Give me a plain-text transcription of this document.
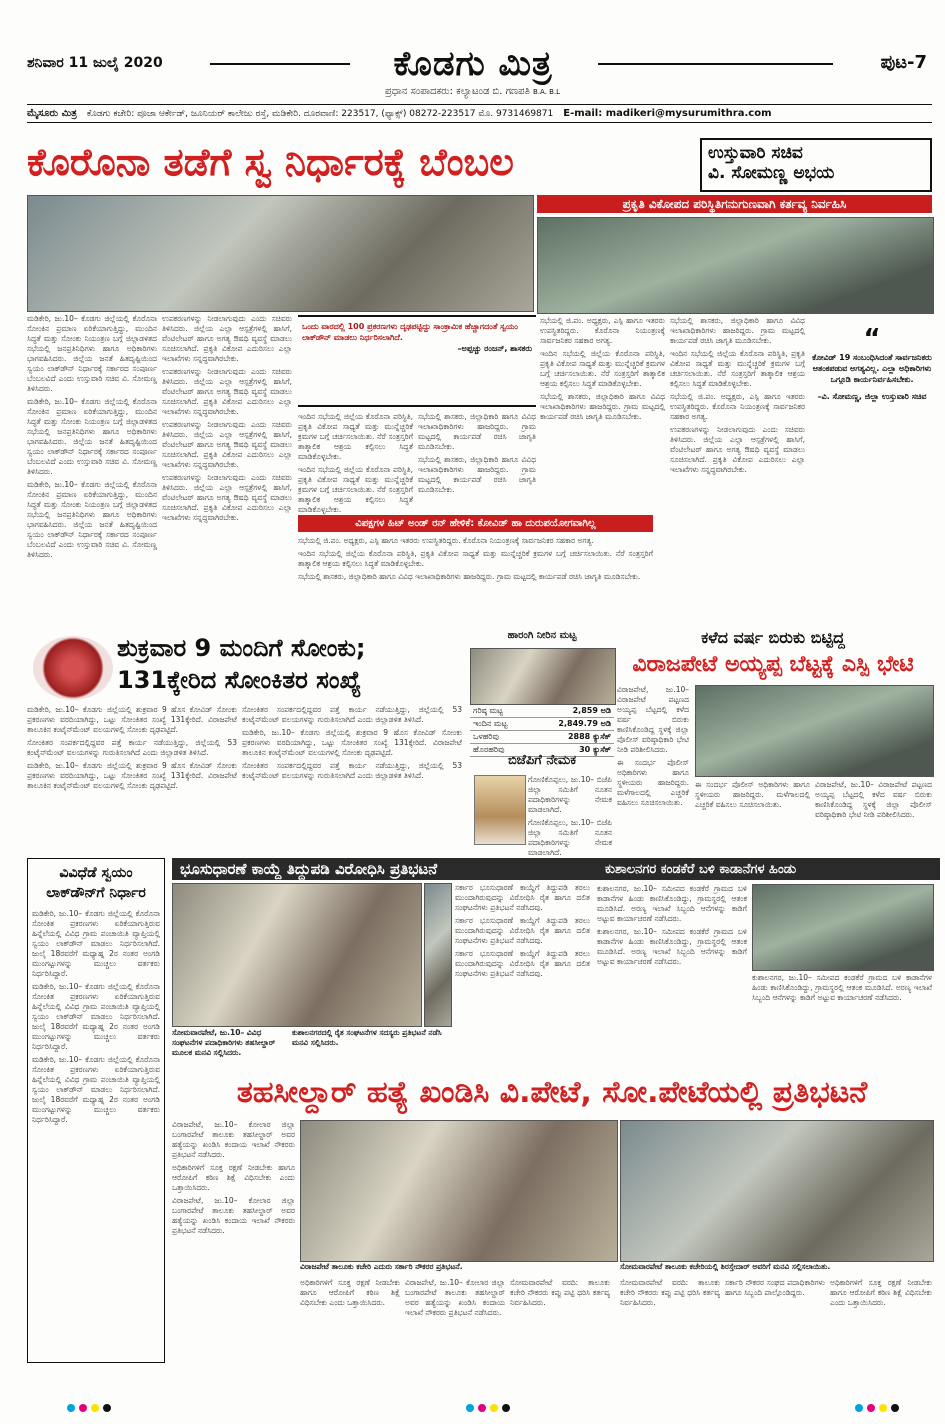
ಶನಿವಾರ 11 ಜುಲೈ 2020	ಕೊಡಗು ಮಿತ್ರ	ಪುಟ-7
ಪ್ರಧಾನ ಸಂಪಾದಕರು: ಕಲ್ಯಾಟಂಡ ಬಿ. ಗಣಪತಿ B.A. B.L
ಮೈಸೂರು ಮಿತ್ರ ಕೊಡಗು ಕಚೇರಿ: ಪೂಜಾ ಆರ್ಕೇಡ್, ಜೂನಿಯರ್ ಕಾಲೇಜು ರಸ್ತೆ, ಮಡಿಕೇರಿ. ದೂರವಾಣಿ: 223517, (ಫ್ಯಾಕ್ಸ್) 08272-223517 ಮೊ. 9731469871 E-mail: madikeri@mysurumithra.com
ಕೊರೊನಾ ತಡೆಗೆ ಸ್ವ ನಿರ್ಧಾರಕ್ಕೆ ಬೆಂಬಲ	ಉಸ್ತುವಾರಿ ಸಚಿವ
ವಿ. ಸೋಮಣ್ಣ ಅಭಯ
ಪ್ರಕೃತಿ ವಿಕೋಪದ ಪರಿಸ್ಥಿತಿಗನುಗುಣವಾಗಿ ಕರ್ತವ್ಯ ನಿರ್ವಹಿಸಿ

ಮಡಿಕೇರಿ, ಜು.10– ಕೊಡಗು ಜಿಲ್ಲೆಯಲ್ಲಿ ಕೊರೊನಾ ಸೋಂಕಿನ ಪ್ರಮಾಣ ಏರಿಕೆಯಾಗುತ್ತಿದ್ದು, ಮುಂದಿನ ಸಿದ್ಧತೆ ಮತ್ತು ಸೋಂಕು ನಿಯಂತ್ರಣ ಬಗ್ಗೆ ಜಿಲ್ಲಾಡಳಿತದ ಸಭೆಯಲ್ಲಿ ಜನಪ್ರತಿನಿಧಿಗಳು ಹಾಗೂ ಅಧಿಕಾರಿಗಳು ಭಾಗವಹಿಸಿದರು. ಜಿಲ್ಲೆಯ ಜನತೆ ಹಿತದೃಷ್ಟಿಯಿಂದ ಸ್ವಯಂ ಲಾಕ್‍ಡೌನ್ ನಿರ್ಧಾರಕ್ಕೆ ಸರ್ಕಾರದ ಸಂಪೂರ್ಣ ಬೆಂಬಲವಿದೆ ಎಂದು ಉಸ್ತುವಾರಿ ಸಚಿವ ವಿ. ಸೋಮಣ್ಣ ತಿಳಿಸಿದರು.

ಮಡಿಕೇರಿ, ಜು.10– ಕೊಡಗು ಜಿಲ್ಲೆಯಲ್ಲಿ ಕೊರೊನಾ ಸೋಂಕಿನ ಪ್ರಮಾಣ ಏರಿಕೆಯಾಗುತ್ತಿದ್ದು, ಮುಂದಿನ ಸಿದ್ಧತೆ ಮತ್ತು ಸೋಂಕು ನಿಯಂತ್ರಣ ಬಗ್ಗೆ ಜಿಲ್ಲಾಡಳಿತದ ಸಭೆಯಲ್ಲಿ ಜನಪ್ರತಿನಿಧಿಗಳು ಹಾಗೂ ಅಧಿಕಾರಿಗಳು ಭಾಗವಹಿಸಿದರು. ಜಿಲ್ಲೆಯ ಜನತೆ ಹಿತದೃಷ್ಟಿಯಿಂದ ಸ್ವಯಂ ಲಾಕ್‍ಡೌನ್ ನಿರ್ಧಾರಕ್ಕೆ ಸರ್ಕಾರದ ಸಂಪೂರ್ಣ ಬೆಂಬಲವಿದೆ ಎಂದು ಉಸ್ತುವಾರಿ ಸಚಿವ ವಿ. ಸೋಮಣ್ಣ ತಿಳಿಸಿದರು.

ಮಡಿಕೇರಿ, ಜು.10– ಕೊಡಗು ಜಿಲ್ಲೆಯಲ್ಲಿ ಕೊರೊನಾ ಸೋಂಕಿನ ಪ್ರಮಾಣ ಏರಿಕೆಯಾಗುತ್ತಿದ್ದು, ಮುಂದಿನ ಸಿದ್ಧತೆ ಮತ್ತು ಸೋಂಕು ನಿಯಂತ್ರಣ ಬಗ್ಗೆ ಜಿಲ್ಲಾಡಳಿತದ ಸಭೆಯಲ್ಲಿ ಜನಪ್ರತಿನಿಧಿಗಳು ಹಾಗೂ ಅಧಿಕಾರಿಗಳು ಭಾಗವಹಿಸಿದರು. ಜಿಲ್ಲೆಯ ಜನತೆ ಹಿತದೃಷ್ಟಿಯಿಂದ ಸ್ವಯಂ ಲಾಕ್‍ಡೌನ್ ನಿರ್ಧಾರಕ್ಕೆ ಸರ್ಕಾರದ ಸಂಪೂರ್ಣ ಬೆಂಬಲವಿದೆ ಎಂದು ಉಸ್ತುವಾರಿ ಸಚಿವ ವಿ. ಸೋಮಣ್ಣ ತಿಳಿಸಿದರು.

ಉಪಕರಣಗಳನ್ನು ನೀಡಲಾಗುವುದು ಎಂದು ಸಚಿವರು ತಿಳಿಸಿದರು. ಜಿಲ್ಲೆಯ ಎಲ್ಲಾ ಆಸ್ಪತ್ರೆಗಳಲ್ಲಿ ಹಾಸಿಗೆ, ವೆಂಟಿಲೇಟರ್ ಹಾಗೂ ಅಗತ್ಯ ಔಷಧಿ ವ್ಯವಸ್ಥೆ ಮಾಡಲು ಸೂಚಿಸಲಾಗಿದೆ. ಪ್ರಕೃತಿ ವಿಕೋಪ ಎದುರಿಸಲು ಎಲ್ಲಾ ಇಲಾಖೆಗಳು ಸನ್ನದ್ಧವಾಗಿರಬೇಕು.

ಉಪಕರಣಗಳನ್ನು ನೀಡಲಾಗುವುದು ಎಂದು ಸಚಿವರು ತಿಳಿಸಿದರು. ಜಿಲ್ಲೆಯ ಎಲ್ಲಾ ಆಸ್ಪತ್ರೆಗಳಲ್ಲಿ ಹಾಸಿಗೆ, ವೆಂಟಿಲೇಟರ್ ಹಾಗೂ ಅಗತ್ಯ ಔಷಧಿ ವ್ಯವಸ್ಥೆ ಮಾಡಲು ಸೂಚಿಸಲಾಗಿದೆ. ಪ್ರಕೃತಿ ವಿಕೋಪ ಎದುರಿಸಲು ಎಲ್ಲಾ ಇಲಾಖೆಗಳು ಸನ್ನದ್ಧವಾಗಿರಬೇಕು.

ಉಪಕರಣಗಳನ್ನು ನೀಡಲಾಗುವುದು ಎಂದು ಸಚಿವರು ತಿಳಿಸಿದರು. ಜಿಲ್ಲೆಯ ಎಲ್ಲಾ ಆಸ್ಪತ್ರೆಗಳಲ್ಲಿ ಹಾಸಿಗೆ, ವೆಂಟಿಲೇಟರ್ ಹಾಗೂ ಅಗತ್ಯ ಔಷಧಿ ವ್ಯವಸ್ಥೆ ಮಾಡಲು ಸೂಚಿಸಲಾಗಿದೆ. ಪ್ರಕೃತಿ ವಿಕೋಪ ಎದುರಿಸಲು ಎಲ್ಲಾ ಇಲಾಖೆಗಳು ಸನ್ನದ್ಧವಾಗಿರಬೇಕು.

ಉಪಕರಣಗಳನ್ನು ನೀಡಲಾಗುವುದು ಎಂದು ಸಚಿವರು ತಿಳಿಸಿದರು. ಜಿಲ್ಲೆಯ ಎಲ್ಲಾ ಆಸ್ಪತ್ರೆಗಳಲ್ಲಿ ಹಾಸಿಗೆ, ವೆಂಟಿಲೇಟರ್ ಹಾಗೂ ಅಗತ್ಯ ಔಷಧಿ ವ್ಯವಸ್ಥೆ ಮಾಡಲು ಸೂಚಿಸಲಾಗಿದೆ. ಪ್ರಕೃತಿ ವಿಕೋಪ ಎದುರಿಸಲು ಎಲ್ಲಾ ಇಲಾಖೆಗಳು ಸನ್ನದ್ಧವಾಗಿರಬೇಕು.

ಒಂದು ವಾರದಲ್ಲಿ 100 ಪ್ರಕರಣಗಳು ದೃಢಪಟ್ಟಿದ್ದು ಸಾಂಕ್ರಾಮಿಕ ಹೆಚ್ಚಾಗದಂತೆ ಸ್ವಯಂ ಲಾಕ್‍ಡೌನ್ ಮಾಡಲು ನಿರ್ಧರಿಸಲಾಗಿದೆ.
–ಅಪ್ಪಚ್ಚು ರಂಜನ್, ಶಾಸಕರು

ಇಂದಿನ ಸಭೆಯಲ್ಲಿ ಜಿಲ್ಲೆಯ ಕೊರೊನಾ ಪರಿಸ್ಥಿತಿ, ಪ್ರಕೃತಿ ವಿಕೋಪ ಸಾಧ್ಯತೆ ಮತ್ತು ಮುನ್ನೆಚ್ಚರಿಕೆ ಕ್ರಮಗಳ ಬಗ್ಗೆ ಚರ್ಚಿಸಲಾಯಿತು. ನೆರೆ ಸಂತ್ರಸ್ತರಿಗೆ ತಾತ್ಕಾಲಿಕ ಆಶ್ರಯ ಕಲ್ಪಿಸಲು ಸಿದ್ಧತೆ ಮಾಡಿಕೊಳ್ಳಬೇಕು.

ಇಂದಿನ ಸಭೆಯಲ್ಲಿ ಜಿಲ್ಲೆಯ ಕೊರೊನಾ ಪರಿಸ್ಥಿತಿ, ಪ್ರಕೃತಿ ವಿಕೋಪ ಸಾಧ್ಯತೆ ಮತ್ತು ಮುನ್ನೆಚ್ಚರಿಕೆ ಕ್ರಮಗಳ ಬಗ್ಗೆ ಚರ್ಚಿಸಲಾಯಿತು. ನೆರೆ ಸಂತ್ರಸ್ತರಿಗೆ ತಾತ್ಕಾಲಿಕ ಆಶ್ರಯ ಕಲ್ಪಿಸಲು ಸಿದ್ಧತೆ ಮಾಡಿಕೊಳ್ಳಬೇಕು.

ಸಭೆಯಲ್ಲಿ ಶಾಸಕರು, ಜಿಲ್ಲಾಧಿಕಾರಿ ಹಾಗೂ ವಿವಿಧ ಇಲಾಖಾಧಿಕಾರಿಗಳು ಹಾಜರಿದ್ದರು. ಗ್ರಾಮ ಮಟ್ಟದಲ್ಲಿ ಕಾರ್ಯಪಡೆ ರಚಿಸಿ ಜಾಗೃತಿ ಮೂಡಿಸಬೇಕು.

ಸಭೆಯಲ್ಲಿ ಶಾಸಕರು, ಜಿಲ್ಲಾಧಿಕಾರಿ ಹಾಗೂ ವಿವಿಧ ಇಲಾಖಾಧಿಕಾರಿಗಳು ಹಾಜರಿದ್ದರು. ಗ್ರಾಮ ಮಟ್ಟದಲ್ಲಿ ಕಾರ್ಯಪಡೆ ರಚಿಸಿ ಜಾಗೃತಿ ಮೂಡಿಸಬೇಕು.

ವಿಪಕ್ಷಗಳ ಹಿಟ್ ಅಂಡ್ ರನ್ ಹೇಳಿಕೆ: ಕೋವಿಡ್ ಹಾ ದುರುಪಯೋಗವಾಗಿಲ್ಲ

ಸಭೆಯಲ್ಲಿ ಜಿ.ಪಂ. ಅಧ್ಯಕ್ಷರು, ಎಸ್ಪಿ ಹಾಗೂ ಇತರರು ಉಪಸ್ಥಿತರಿದ್ದರು. ಕೊರೊನಾ ನಿಯಂತ್ರಣಕ್ಕೆ ಸಾರ್ವಜನಿಕರ ಸಹಕಾರ ಅಗತ್ಯ.

ಇಂದಿನ ಸಭೆಯಲ್ಲಿ ಜಿಲ್ಲೆಯ ಕೊರೊನಾ ಪರಿಸ್ಥಿತಿ, ಪ್ರಕೃತಿ ವಿಕೋಪ ಸಾಧ್ಯತೆ ಮತ್ತು ಮುನ್ನೆಚ್ಚರಿಕೆ ಕ್ರಮಗಳ ಬಗ್ಗೆ ಚರ್ಚಿಸಲಾಯಿತು. ನೆರೆ ಸಂತ್ರಸ್ತರಿಗೆ ತಾತ್ಕಾಲಿಕ ಆಶ್ರಯ ಕಲ್ಪಿಸಲು ಸಿದ್ಧತೆ ಮಾಡಿಕೊಳ್ಳಬೇಕು.

ಸಭೆಯಲ್ಲಿ ಶಾಸಕರು, ಜಿಲ್ಲಾಧಿಕಾರಿ ಹಾಗೂ ವಿವಿಧ ಇಲಾಖಾಧಿಕಾರಿಗಳು ಹಾಜರಿದ್ದರು. ಗ್ರಾಮ ಮಟ್ಟದಲ್ಲಿ ಕಾರ್ಯಪಡೆ ರಚಿಸಿ ಜಾಗೃತಿ ಮೂಡಿಸಬೇಕು.

ಸಭೆಯಲ್ಲಿ ಜಿ.ಪಂ. ಅಧ್ಯಕ್ಷರು, ಎಸ್ಪಿ ಹಾಗೂ ಇತರರು ಉಪಸ್ಥಿತರಿದ್ದರು. ಕೊರೊನಾ ನಿಯಂತ್ರಣಕ್ಕೆ ಸಾರ್ವಜನಿಕರ ಸಹಕಾರ ಅಗತ್ಯ.

ಇಂದಿನ ಸಭೆಯಲ್ಲಿ ಜಿಲ್ಲೆಯ ಕೊರೊನಾ ಪರಿಸ್ಥಿತಿ, ಪ್ರಕೃತಿ ವಿಕೋಪ ಸಾಧ್ಯತೆ ಮತ್ತು ಮುನ್ನೆಚ್ಚರಿಕೆ ಕ್ರಮಗಳ ಬಗ್ಗೆ ಚರ್ಚಿಸಲಾಯಿತು. ನೆರೆ ಸಂತ್ರಸ್ತರಿಗೆ ತಾತ್ಕಾಲಿಕ ಆಶ್ರಯ ಕಲ್ಪಿಸಲು ಸಿದ್ಧತೆ ಮಾಡಿಕೊಳ್ಳಬೇಕು.

ಸಭೆಯಲ್ಲಿ ಶಾಸಕರು, ಜಿಲ್ಲಾಧಿಕಾರಿ ಹಾಗೂ ವಿವಿಧ ಇಲಾಖಾಧಿಕಾರಿಗಳು ಹಾಜರಿದ್ದರು. ಗ್ರಾಮ ಮಟ್ಟದಲ್ಲಿ ಕಾರ್ಯಪಡೆ ರಚಿಸಿ ಜಾಗೃತಿ ಮೂಡಿಸಬೇಕು.

ಸಭೆಯಲ್ಲಿ ಶಾಸಕರು, ಜಿಲ್ಲಾಧಿಕಾರಿ ಹಾಗೂ ವಿವಿಧ ಇಲಾಖಾಧಿಕಾರಿಗಳು ಹಾಜರಿದ್ದರು. ಗ್ರಾಮ ಮಟ್ಟದಲ್ಲಿ ಕಾರ್ಯಪಡೆ ರಚಿಸಿ ಜಾಗೃತಿ ಮೂಡಿಸಬೇಕು.

ಇಂದಿನ ಸಭೆಯಲ್ಲಿ ಜಿಲ್ಲೆಯ ಕೊರೊನಾ ಪರಿಸ್ಥಿತಿ, ಪ್ರಕೃತಿ ವಿಕೋಪ ಸಾಧ್ಯತೆ ಮತ್ತು ಮುನ್ನೆಚ್ಚರಿಕೆ ಕ್ರಮಗಳ ಬಗ್ಗೆ ಚರ್ಚಿಸಲಾಯಿತು. ನೆರೆ ಸಂತ್ರಸ್ತರಿಗೆ ತಾತ್ಕಾಲಿಕ ಆಶ್ರಯ ಕಲ್ಪಿಸಲು ಸಿದ್ಧತೆ ಮಾಡಿಕೊಳ್ಳಬೇಕು.

ಸಭೆಯಲ್ಲಿ ಜಿ.ಪಂ. ಅಧ್ಯಕ್ಷರು, ಎಸ್ಪಿ ಹಾಗೂ ಇತರರು ಉಪಸ್ಥಿತರಿದ್ದರು. ಕೊರೊನಾ ನಿಯಂತ್ರಣಕ್ಕೆ ಸಾರ್ವಜನಿಕರ ಸಹಕಾರ ಅಗತ್ಯ.

ಉಪಕರಣಗಳನ್ನು ನೀಡಲಾಗುವುದು ಎಂದು ಸಚಿವರು ತಿಳಿಸಿದರು. ಜಿಲ್ಲೆಯ ಎಲ್ಲಾ ಆಸ್ಪತ್ರೆಗಳಲ್ಲಿ ಹಾಸಿಗೆ, ವೆಂಟಿಲೇಟರ್ ಹಾಗೂ ಅಗತ್ಯ ಔಷಧಿ ವ್ಯವಸ್ಥೆ ಮಾಡಲು ಸೂಚಿಸಲಾಗಿದೆ. ಪ್ರಕೃತಿ ವಿಕೋಪ ಎದುರಿಸಲು ಎಲ್ಲಾ ಇಲಾಖೆಗಳು ಸನ್ನದ್ಧವಾಗಿರಬೇಕು.

“
ಕೋವಿಡ್ 19 ಸಂಬಂಧಿಸಿದಂತೆ ಸಾರ್ವಜನಿಕರು ಆತಂಕಪಡುವ ಅಗತ್ಯವಿಲ್ಲ. ಎಲ್ಲಾ ಅಧಿಕಾರಿಗಳು ಒಗ್ಗೂಡಿ ಕಾರ್ಯನಿರ್ವಹಿಸಬೇಕು.
–ವಿ. ಸೋಮಣ್ಣ, ಜಿಲ್ಲಾ ಉಸ್ತುವಾರಿ ಸಚಿವ
ಶುಕ್ರವಾರ 9 ಮಂದಿಗೆ ಸೋಂಕು;
131ಕ್ಕೇರಿದ ಸೋಂಕಿತರ ಸಂಖ್ಯೆ

ಮಡಿಕೇರಿ, ಜು.10– ಕೊಡಗು ಜಿಲ್ಲೆಯಲ್ಲಿ ಶುಕ್ರವಾರ 9 ಹೊಸ ಕೋವಿಡ್ ಸೋಂಕು ಪ್ರಕರಣಗಳು ವರದಿಯಾಗಿದ್ದು, ಒಟ್ಟು ಸೋಂಕಿತರ ಸಂಖ್ಯೆ 131ಕ್ಕೇರಿದೆ. ವಿರಾಜಪೇಟೆ ತಾಲೂಕಿನ ಕಂಟೈನ್‍ಮೆಂಟ್ ವಲಯಗಳಲ್ಲಿ ಸೋಂಕು ದೃಢಪಟ್ಟಿದೆ.

ಸೋಂಕಿತರ ಸಂಪರ್ಕದಲ್ಲಿದ್ದವರ ಪತ್ತೆ ಕಾರ್ಯ ನಡೆಯುತ್ತಿದ್ದು, ಜಿಲ್ಲೆಯಲ್ಲಿ 53 ಕಂಟೈನ್‍ಮೆಂಟ್ ವಲಯಗಳನ್ನು ಗುರುತಿಸಲಾಗಿದೆ ಎಂದು ಜಿಲ್ಲಾಡಳಿತ ತಿಳಿಸಿದೆ.

ಮಡಿಕೇರಿ, ಜು.10– ಕೊಡಗು ಜಿಲ್ಲೆಯಲ್ಲಿ ಶುಕ್ರವಾರ 9 ಹೊಸ ಕೋವಿಡ್ ಸೋಂಕು ಪ್ರಕರಣಗಳು ವರದಿಯಾಗಿದ್ದು, ಒಟ್ಟು ಸೋಂಕಿತರ ಸಂಖ್ಯೆ 131ಕ್ಕೇರಿದೆ. ವಿರಾಜಪೇಟೆ ತಾಲೂಕಿನ ಕಂಟೈನ್‍ಮೆಂಟ್ ವಲಯಗಳಲ್ಲಿ ಸೋಂಕು ದೃಢಪಟ್ಟಿದೆ.

ಸೋಂಕಿತರ ಸಂಪರ್ಕದಲ್ಲಿದ್ದವರ ಪತ್ತೆ ಕಾರ್ಯ ನಡೆಯುತ್ತಿದ್ದು, ಜಿಲ್ಲೆಯಲ್ಲಿ 53 ಕಂಟೈನ್‍ಮೆಂಟ್ ವಲಯಗಳನ್ನು ಗುರುತಿಸಲಾಗಿದೆ ಎಂದು ಜಿಲ್ಲಾಡಳಿತ ತಿಳಿಸಿದೆ.

ಮಡಿಕೇರಿ, ಜು.10– ಕೊಡಗು ಜಿಲ್ಲೆಯಲ್ಲಿ ಶುಕ್ರವಾರ 9 ಹೊಸ ಕೋವಿಡ್ ಸೋಂಕು ಪ್ರಕರಣಗಳು ವರದಿಯಾಗಿದ್ದು, ಒಟ್ಟು ಸೋಂಕಿತರ ಸಂಖ್ಯೆ 131ಕ್ಕೇರಿದೆ. ವಿರಾಜಪೇಟೆ ತಾಲೂಕಿನ ಕಂಟೈನ್‍ಮೆಂಟ್ ವಲಯಗಳಲ್ಲಿ ಸೋಂಕು ದೃಢಪಟ್ಟಿದೆ.

ಸೋಂಕಿತರ ಸಂಪರ್ಕದಲ್ಲಿದ್ದವರ ಪತ್ತೆ ಕಾರ್ಯ ನಡೆಯುತ್ತಿದ್ದು, ಜಿಲ್ಲೆಯಲ್ಲಿ 53 ಕಂಟೈನ್‍ಮೆಂಟ್ ವಲಯಗಳನ್ನು ಗುರುತಿಸಲಾಗಿದೆ ಎಂದು ಜಿಲ್ಲಾಡಳಿತ ತಿಳಿಸಿದೆ.

ಹಾರಂಗಿ ನೀರಿನ ಮಟ್ಟ
ಗರಿಷ್ಠ ಮಟ್ಟ	2,859 ಅಡಿ
ಇಂದಿನ ಮಟ್ಟ	2,849.79 ಅಡಿ
ಒಳಹರಿವು	2888 ಕ್ಯುಸೆಕ್
ಹೊರಹರಿವು	30 ಕ್ಯುಸೆಕ್
ಬಿಜೆಪಿಗೆ ನೇಮಕ

ಗೋಣಿಕೊಪ್ಪಲು, ಜು.10– ಬಿಜೆಪಿ ಜಿಲ್ಲಾ ಸಮಿತಿಗೆ ನೂತನ ಪದಾಧಿಕಾರಿಗಳನ್ನು ನೇಮಕ ಮಾಡಲಾಗಿದೆ.

ಗೋಣಿಕೊಪ್ಪಲು, ಜು.10– ಬಿಜೆಪಿ ಜಿಲ್ಲಾ ಸಮಿತಿಗೆ ನೂತನ ಪದಾಧಿಕಾರಿಗಳನ್ನು ನೇಮಕ ಮಾಡಲಾಗಿದೆ.

ಕಳೆದ ವರ್ಷ ಬಿರುಕು ಬಿಟ್ಟಿದ್ದ
ವಿರಾಜಪೇಟೆ ಅಯ್ಯಪ್ಪ ಬೆಟ್ಟಕ್ಕೆ ಎಸ್ಪಿ ಭೇಟಿ

ವಿರಾಜಪೇಟೆ, ಜು.10– ವಿರಾಜಪೇಟೆ ಪಟ್ಟಣದ ಅಯ್ಯಪ್ಪ ಬೆಟ್ಟದಲ್ಲಿ ಕಳೆದ ವರ್ಷ ಬಿರುಕು ಕಾಣಿಸಿಕೊಂಡಿದ್ದ ಸ್ಥಳಕ್ಕೆ ಜಿಲ್ಲಾ ಪೊಲೀಸ್ ವರಿಷ್ಠಾಧಿಕಾರಿ ಭೇಟಿ ನೀಡಿ ಪರಿಶೀಲಿಸಿದರು.

ಈ ಸಂದರ್ಭ ಪೊಲೀಸ್ ಅಧಿಕಾರಿಗಳು ಹಾಗೂ ಸ್ಥಳೀಯರು ಹಾಜರಿದ್ದರು. ಮಳೆಗಾಲದಲ್ಲಿ ಎಚ್ಚರಿಕೆ ವಹಿಸಲು ಸೂಚಿಸಲಾಯಿತು.

ಈ ಸಂದರ್ಭ ಪೊಲೀಸ್ ಅಧಿಕಾರಿಗಳು ಹಾಗೂ ಸ್ಥಳೀಯರು ಹಾಜರಿದ್ದರು. ಮಳೆಗಾಲದಲ್ಲಿ ಎಚ್ಚರಿಕೆ ವಹಿಸಲು ಸೂಚಿಸಲಾಯಿತು.

ವಿರಾಜಪೇಟೆ, ಜು.10– ವಿರಾಜಪೇಟೆ ಪಟ್ಟಣದ ಅಯ್ಯಪ್ಪ ಬೆಟ್ಟದಲ್ಲಿ ಕಳೆದ ವರ್ಷ ಬಿರುಕು ಕಾಣಿಸಿಕೊಂಡಿದ್ದ ಸ್ಥಳಕ್ಕೆ ಜಿಲ್ಲಾ ಪೊಲೀಸ್ ವರಿಷ್ಠಾಧಿಕಾರಿ ಭೇಟಿ ನೀಡಿ ಪರಿಶೀಲಿಸಿದರು.

ವಿವಿಧೆಡೆ ಸ್ವಯಂ ಲಾಕ್‍ಡೌನ್‍ಗೆ ನಿರ್ಧಾರ

ಮಡಿಕೇರಿ, ಜು.10– ಕೊಡಗು ಜಿಲ್ಲೆಯಲ್ಲಿ ಕೊರೊನಾ ಸೋಂಕಿತ ಪ್ರಕರಣಗಳು ಏರಿಕೆಯಾಗುತ್ತಿರುವ ಹಿನ್ನೆಲೆಯಲ್ಲಿ ವಿವಿಧ ಗ್ರಾಮ ಪಂಚಾಯಿತಿ ವ್ಯಾಪ್ತಿಯಲ್ಲಿ ಸ್ವಯಂ ಲಾಕ್‍ಡೌನ್ ಮಾಡಲು ನಿರ್ಧರಿಸಲಾಗಿದೆ. ಜುಲೈ 18ರವರೆಗೆ ಮಧ್ಯಾಹ್ನ 2ರ ನಂತರ ಅಂಗಡಿ ಮುಂಗಟ್ಟುಗಳನ್ನು ಮುಚ್ಚಲು ವರ್ತಕರು ನಿರ್ಧರಿಸಿದ್ದಾರೆ.

ಮಡಿಕೇರಿ, ಜು.10– ಕೊಡಗು ಜಿಲ್ಲೆಯಲ್ಲಿ ಕೊರೊನಾ ಸೋಂಕಿತ ಪ್ರಕರಣಗಳು ಏರಿಕೆಯಾಗುತ್ತಿರುವ ಹಿನ್ನೆಲೆಯಲ್ಲಿ ವಿವಿಧ ಗ್ರಾಮ ಪಂಚಾಯಿತಿ ವ್ಯಾಪ್ತಿಯಲ್ಲಿ ಸ್ವಯಂ ಲಾಕ್‍ಡೌನ್ ಮಾಡಲು ನಿರ್ಧರಿಸಲಾಗಿದೆ. ಜುಲೈ 18ರವರೆಗೆ ಮಧ್ಯಾಹ್ನ 2ರ ನಂತರ ಅಂಗಡಿ ಮುಂಗಟ್ಟುಗಳನ್ನು ಮುಚ್ಚಲು ವರ್ತಕರು ನಿರ್ಧರಿಸಿದ್ದಾರೆ.

ಮಡಿಕೇರಿ, ಜು.10– ಕೊಡಗು ಜಿಲ್ಲೆಯಲ್ಲಿ ಕೊರೊನಾ ಸೋಂಕಿತ ಪ್ರಕರಣಗಳು ಏರಿಕೆಯಾಗುತ್ತಿರುವ ಹಿನ್ನೆಲೆಯಲ್ಲಿ ವಿವಿಧ ಗ್ರಾಮ ಪಂಚಾಯಿತಿ ವ್ಯಾಪ್ತಿಯಲ್ಲಿ ಸ್ವಯಂ ಲಾಕ್‍ಡೌನ್ ಮಾಡಲು ನಿರ್ಧರಿಸಲಾಗಿದೆ. ಜುಲೈ 18ರವರೆಗೆ ಮಧ್ಯಾಹ್ನ 2ರ ನಂತರ ಅಂಗಡಿ ಮುಂಗಟ್ಟುಗಳನ್ನು ಮುಚ್ಚಲು ವರ್ತಕರು ನಿರ್ಧರಿಸಿದ್ದಾರೆ.

ಭೂಸುಧಾರಣೆ ಕಾಯ್ದೆ ತಿದ್ದುಪಡಿ ವಿರೋಧಿಸಿ ಪ್ರತಿಭಟನೆ
ಸೋಮವಾರಪೇಟೆ, ಜು.10– ವಿವಿಧ ಸಂಘಟನೆಗಳ ಪದಾಧಿಕಾರಿಗಳು ತಹಸೀಲ್ದಾರ್ ಮೂಲಕ ಮನವಿ ಸಲ್ಲಿಸಿದರು.
ಕುಶಾಲನಗರದಲ್ಲಿ ರೈತ ಸಂಘಟನೆಗಳ ಸದಸ್ಯರು ಪ್ರತಿಭಟನೆ ನಡೆಸಿ ಮನವಿ ಸಲ್ಲಿಸಿದರು.

ಸರ್ಕಾರ ಭೂಸುಧಾರಣೆ ಕಾಯ್ದೆಗೆ ತಿದ್ದುಪಡಿ ತರಲು ಮುಂದಾಗಿರುವುದನ್ನು ವಿರೋಧಿಸಿ ರೈತ ಹಾಗೂ ದಲಿತ ಸಂಘಟನೆಗಳು ಪ್ರತಿಭಟನೆ ನಡೆಸಿದವು.

ಸರ್ಕಾರ ಭೂಸುಧಾರಣೆ ಕಾಯ್ದೆಗೆ ತಿದ್ದುಪಡಿ ತರಲು ಮುಂದಾಗಿರುವುದನ್ನು ವಿರೋಧಿಸಿ ರೈತ ಹಾಗೂ ದಲಿತ ಸಂಘಟನೆಗಳು ಪ್ರತಿಭಟನೆ ನಡೆಸಿದವು.

ಸರ್ಕಾರ ಭೂಸುಧಾರಣೆ ಕಾಯ್ದೆಗೆ ತಿದ್ದುಪಡಿ ತರಲು ಮುಂದಾಗಿರುವುದನ್ನು ವಿರೋಧಿಸಿ ರೈತ ಹಾಗೂ ದಲಿತ ಸಂಘಟನೆಗಳು ಪ್ರತಿಭಟನೆ ನಡೆಸಿದವು.

ಕುಶಾಲನಗರ ಕಂಡಕೆರೆ ಬಳಿ ಕಾಡಾನೆಗಳ ಹಿಂಡು

ಕುಶಾಲನಗರ, ಜು.10– ಸಮೀಪದ ಕಂಡಕೆರೆ ಗ್ರಾಮದ ಬಳಿ ಕಾಡಾನೆಗಳ ಹಿಂಡು ಕಾಣಿಸಿಕೊಂಡಿದ್ದು, ಗ್ರಾಮಸ್ಥರಲ್ಲಿ ಆತಂಕ ಮೂಡಿಸಿದೆ. ಅರಣ್ಯ ಇಲಾಖೆ ಸಿಬ್ಬಂದಿ ಆನೆಗಳನ್ನು ಕಾಡಿಗೆ ಅಟ್ಟುವ ಕಾರ್ಯಾಚರಣೆ ನಡೆಸಿದರು.

ಕುಶಾಲನಗರ, ಜು.10– ಸಮೀಪದ ಕಂಡಕೆರೆ ಗ್ರಾಮದ ಬಳಿ ಕಾಡಾನೆಗಳ ಹಿಂಡು ಕಾಣಿಸಿಕೊಂಡಿದ್ದು, ಗ್ರಾಮಸ್ಥರಲ್ಲಿ ಆತಂಕ ಮೂಡಿಸಿದೆ. ಅರಣ್ಯ ಇಲಾಖೆ ಸಿಬ್ಬಂದಿ ಆನೆಗಳನ್ನು ಕಾಡಿಗೆ ಅಟ್ಟುವ ಕಾರ್ಯಾಚರಣೆ ನಡೆಸಿದರು.

ಕುಶಾಲನಗರ, ಜು.10– ಸಮೀಪದ ಕಂಡಕೆರೆ ಗ್ರಾಮದ ಬಳಿ ಕಾಡಾನೆಗಳ ಹಿಂಡು ಕಾಣಿಸಿಕೊಂಡಿದ್ದು, ಗ್ರಾಮಸ್ಥರಲ್ಲಿ ಆತಂಕ ಮೂಡಿಸಿದೆ. ಅರಣ್ಯ ಇಲಾಖೆ ಸಿಬ್ಬಂದಿ ಆನೆಗಳನ್ನು ಕಾಡಿಗೆ ಅಟ್ಟುವ ಕಾರ್ಯಾಚರಣೆ ನಡೆಸಿದರು.

ತಹಸೀಲ್ದಾರ್ ಹತ್ಯೆ ಖಂಡಿಸಿ ವಿ.ಪೇಟೆ, ಸೋ.ಪೇಟೆಯಲ್ಲಿ ಪ್ರತಿಭಟನೆ
ವಿರಾಜಪೇಟೆ ತಾಲೂಕು ಕಚೇರಿ ಎದುರು ಸರ್ಕಾರಿ ನೌಕರರ ಪ್ರತಿಭಟನೆ.	ಸೋಮವಾರಪೇಟೆ ತಾಲೂಕು ಕಚೇರಿಯಲ್ಲಿ ಶಿರಸ್ತೇದಾರ್ ಅವರಿಗೆ ಮನವಿ ಸಲ್ಲಿಸಲಾಯಿತು.

ವಿರಾಜಪೇಟೆ, ಜು.10– ಕೋಲಾರ ಜಿಲ್ಲಾ ಬಂಗಾರಪೇಟೆ ತಾಲೂಕು ತಹಸೀಲ್ದಾರ್ ಅವರ ಹತ್ಯೆಯನ್ನು ಖಂಡಿಸಿ ಕಂದಾಯ ಇಲಾಖೆ ನೌಕರರು ಪ್ರತಿಭಟನೆ ನಡೆಸಿದರು.

ಅಧಿಕಾರಿಗಳಿಗೆ ಸೂಕ್ತ ರಕ್ಷಣೆ ನೀಡಬೇಕು ಹಾಗೂ ಆರೋಪಿಗೆ ಕಠಿಣ ಶಿಕ್ಷೆ ವಿಧಿಸಬೇಕು ಎಂದು ಒತ್ತಾಯಿಸಿದರು.

ವಿರಾಜಪೇಟೆ, ಜು.10– ಕೋಲಾರ ಜಿಲ್ಲಾ ಬಂಗಾರಪೇಟೆ ತಾಲೂಕು ತಹಸೀಲ್ದಾರ್ ಅವರ ಹತ್ಯೆಯನ್ನು ಖಂಡಿಸಿ ಕಂದಾಯ ಇಲಾಖೆ ನೌಕರರು ಪ್ರತಿಭಟನೆ ನಡೆಸಿದರು.

ಅಧಿಕಾರಿಗಳಿಗೆ ಸೂಕ್ತ ರಕ್ಷಣೆ ನೀಡಬೇಕು ಹಾಗೂ ಆರೋಪಿಗೆ ಕಠಿಣ ಶಿಕ್ಷೆ ವಿಧಿಸಬೇಕು ಎಂದು ಒತ್ತಾಯಿಸಿದರು.

ವಿರಾಜಪೇಟೆ, ಜು.10– ಕೋಲಾರ ಜಿಲ್ಲಾ ಬಂಗಾರಪೇಟೆ ತಾಲೂಕು ತಹಸೀಲ್ದಾರ್ ಅವರ ಹತ್ಯೆಯನ್ನು ಖಂಡಿಸಿ ಕಂದಾಯ ಇಲಾಖೆ ನೌಕರರು ಪ್ರತಿಭಟನೆ ನಡೆಸಿದರು.

ಸೋಮವಾರಪೇಟೆ ವರದಿ: ತಾಲೂಕು ಕಚೇರಿ ನೌಕರರು ಕಪ್ಪು ಪಟ್ಟಿ ಧರಿಸಿ ಕರ್ತವ್ಯ ನಿರ್ವಹಿಸಿದರು.

ಸೋಮವಾರಪೇಟೆ ವರದಿ: ತಾಲೂಕು ಕಚೇರಿ ನೌಕರರು ಕಪ್ಪು ಪಟ್ಟಿ ಧರಿಸಿ ಕರ್ತವ್ಯ ನಿರ್ವಹಿಸಿದರು.

ಸರ್ಕಾರಿ ನೌಕರರ ಸಂಘದ ಪದಾಧಿಕಾರಿಗಳು ಹಾಗೂ ಸಿಬ್ಬಂದಿ ಪಾಲ್ಗೊಂಡಿದ್ದರು.

ಅಧಿಕಾರಿಗಳಿಗೆ ಸೂಕ್ತ ರಕ್ಷಣೆ ನೀಡಬೇಕು ಹಾಗೂ ಆರೋಪಿಗೆ ಕಠಿಣ ಶಿಕ್ಷೆ ವಿಧಿಸಬೇಕು ಎಂದು ಒತ್ತಾಯಿಸಿದರು.
